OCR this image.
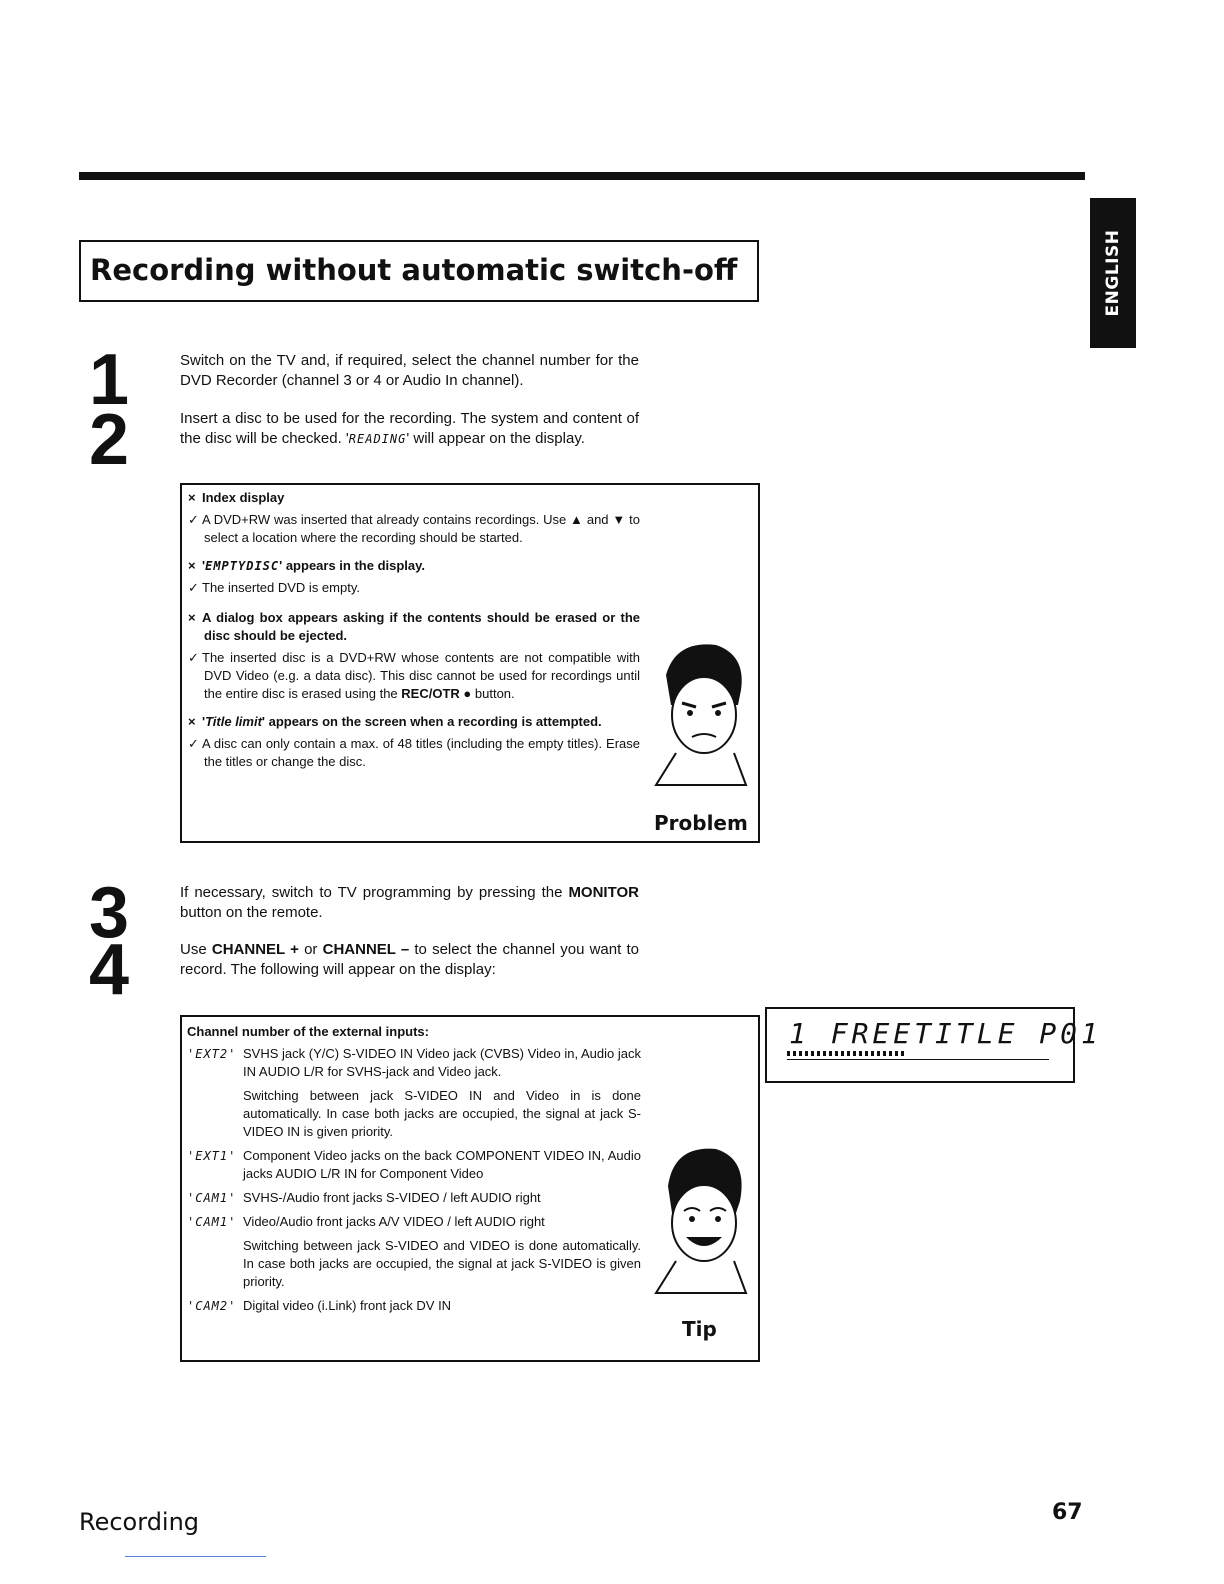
ENGLISH
Recording without automatic switch-off
1
2
Switch on the TV and, if required, select the channel number for the DVD Recorder (channel 3 or 4 or Audio In channel).
Insert a disc to be used for the recording. The system and content of the disc will be checked. 'READING' will appear on the display.
× Index display
✓ A DVD+RW was inserted that already contains recordings. Use ▲ and ▼ to select a location where the recording should be started.
× 'EMPTYDISC' appears in the display.
✓ The inserted DVD is empty.
× A dialog box appears asking if the contents should be erased or the disc should be ejected.
✓ The inserted disc is a DVD+RW whose contents are not compatible with DVD Video (e.g. a data disc). This disc cannot be used for recordings until the entire disc is erased using the REC/OTR ● button.
× 'Title limit' appears on the screen when a recording is attempted.
✓ A disc can only contain a max. of 48 titles (including the empty titles). Erase the titles or change the disc.
Problem
3
4
If necessary, switch to TV programming by pressing the MONITOR button on the remote.
Use CHANNEL + or CHANNEL – to select the channel you want to record. The following will appear on the display:
Channel number of the external inputs:
'EXT2' SVHS jack (Y/C) S-VIDEO IN Video jack (CVBS) Video in, Audio jack IN AUDIO L/R for SVHS-jack and Video jack.
Switching between jack S-VIDEO IN and Video in is done automatically. In case both jacks are occupied, the signal at jack S-VIDEO IN is given priority.
'EXT1' Component Video jacks on the back COMPONENT VIDEO IN, Audio jacks AUDIO L/R IN for Component Video
'CAM1' SVHS-/Audio front jacks S-VIDEO / left AUDIO right
'CAM1' Video/Audio front jacks A/V VIDEO / left AUDIO right
Switching between jack S-VIDEO and VIDEO is done automatically. In case both jacks are occupied, the signal at jack S-VIDEO is given priority.
'CAM2' Digital video (i.Link) front jack DV IN
Tip
1 FREETITLE P01
Recording	67
